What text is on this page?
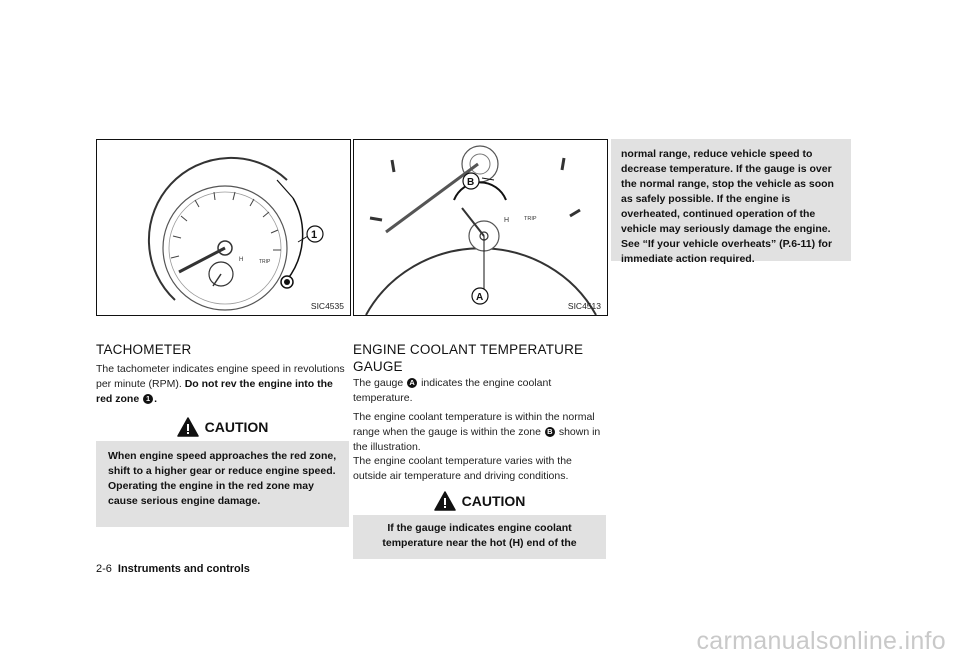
H	TRIP
1
SIC4535
H	TRIP
A
B
SIC4513
TACHOMETER
The tachometer indicates engine speed in revolutions per minute (RPM). Do not rev the engine into the red zone 1 .
CAUTION
When engine speed approaches the red zone, shift to a higher gear or reduce engine speed. Operating the engine in the red zone may cause serious engine damage.
ENGINE COOLANT TEMPERATURE GAUGE
The gauge A indicates the engine coolant temperature.
The engine coolant temperature is within the normal range when the gauge is within the zone B shown in the illustration.
The engine coolant temperature varies with the outside air temperature and driving conditions.
CAUTION
If the gauge indicates engine coolant temperature near the hot (H) end of the
normal range, reduce vehicle speed to decrease temperature. If the gauge is over the normal range, stop the vehicle as soon as safely possible. If the engine is overheated, continued operation of the vehicle may seriously damage the engine. See “If your vehicle overheats” (P.6-11) for immediate action required.
2-6 Instruments and controls
carmanualsonline.info
